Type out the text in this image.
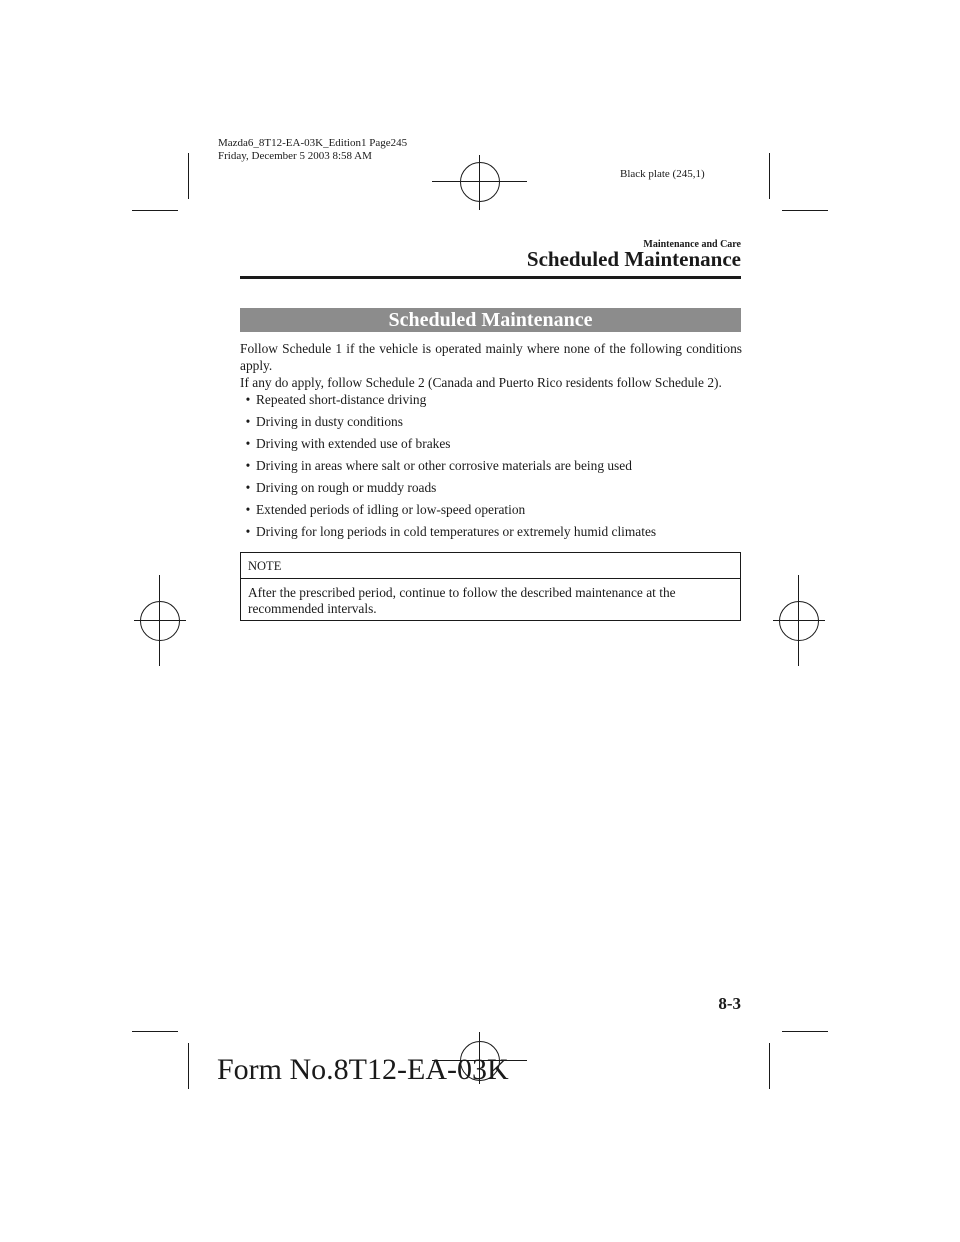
Mazda6_8T12-EA-03K_Edition1 Page245
Friday, December 5 2003 8:58 AM
Black plate (245,1)
Maintenance and Care
Scheduled Maintenance
Scheduled Maintenance

Follow Schedule 1 if the vehicle is operated mainly where none of the following conditions apply.

If any do apply, follow Schedule 2 (Canada and Puerto Rico residents follow Schedule 2).

• Repeated short-distance driving
• Driving in dusty conditions
• Driving with extended use of brakes
• Driving in areas where salt or other corrosive materials are being used
• Driving on rough or muddy roads
• Extended periods of idling or low-speed operation
• Driving for long periods in cold temperatures or extremely humid climates
NOTE
After the prescribed period, continue to follow the described maintenance at the recommended intervals.
8-3
Form No.8T12-EA-03K
